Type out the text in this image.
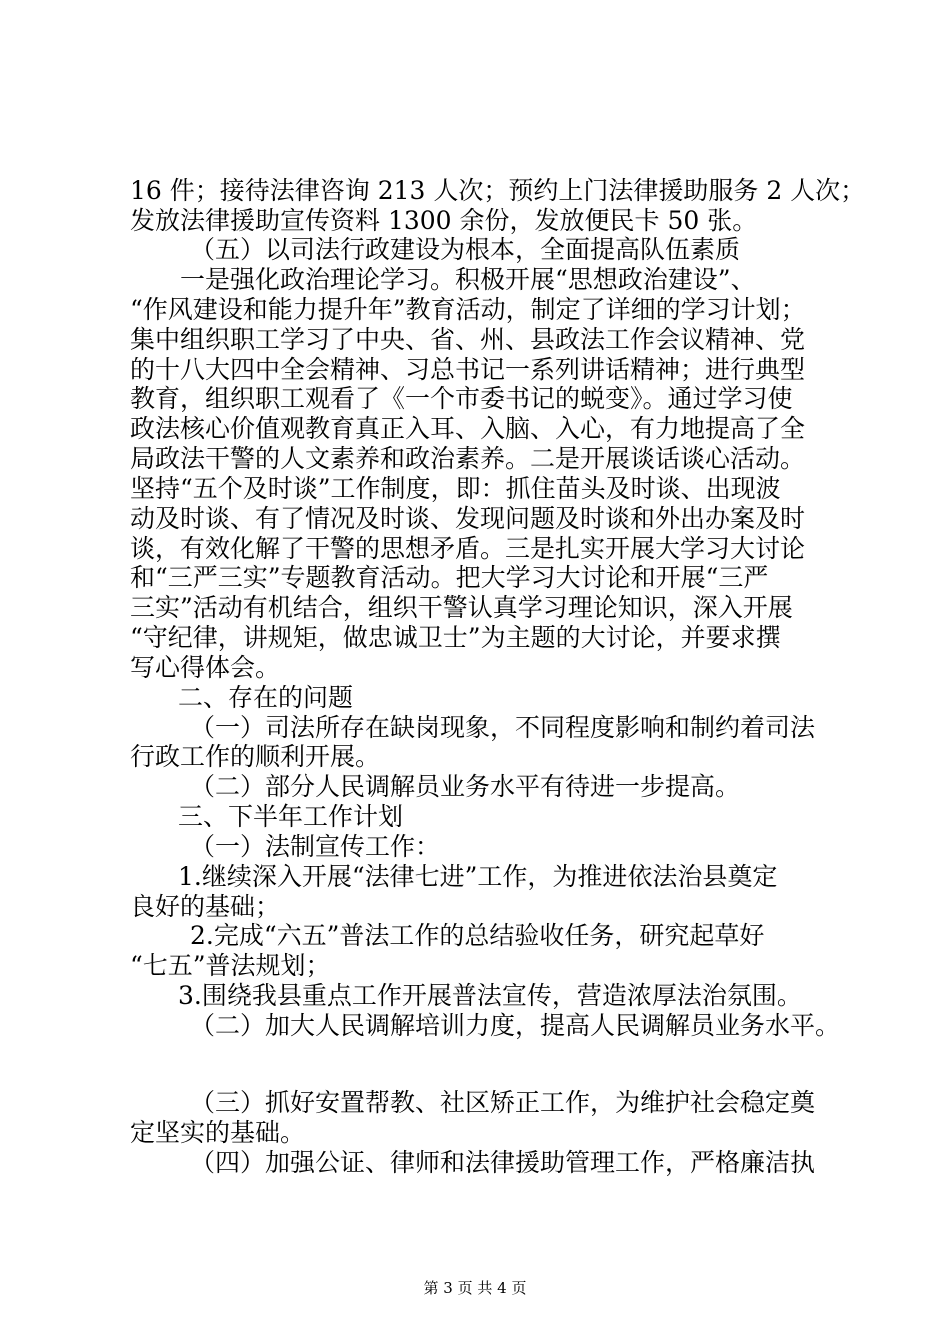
16 件；接待法律咨询 213 人次；预约上门法律援助服务 2 人次；
发放法律援助宣传资料 1300 余份，发放便民卡 50 张。
（五）以司法行政建设为根本，全面提高队伍素质
一是强化政治理论学习。积极开展“思想政治建设”、
“作风建设和能力提升年”教育活动，制定了详细的学习计划；
集中组织职工学习了中央、省、州、县政法工作会议精神、党
的十八大四中全会精神、习总书记一系列讲话精神；进行典型
教育，组织职工观看了《一个市委书记的蜕变》。通过学习使
政法核心价值观教育真正入耳、入脑、入心，有力地提高了全
局政法干警的人文素养和政治素养。二是开展谈话谈心活动。
坚持“五个及时谈”工作制度，即：抓住苗头及时谈、出现波
动及时谈、有了情况及时谈、发现问题及时谈和外出办案及时
谈，有效化解了干警的思想矛盾。三是扎实开展大学习大讨论
和“三严三实”专题教育活动。把大学习大讨论和开展“三严
三实”活动有机结合，组织干警认真学习理论知识，深入开展
“守纪律，讲规矩，做忠诚卫士”为主题的大讨论，并要求撰
写心得体会。
二、存在的问题
（一）司法所存在缺岗现象，不同程度影响和制约着司法
行政工作的顺利开展。
（二）部分人民调解员业务水平有待进一步提高。
三、下半年工作计划
（一）法制宣传工作：
1.继续深入开展“法律七进”工作，为推进依法治县奠定
良好的基础；
2.完成“六五”普法工作的总结验收任务，研究起草好
“七五”普法规划；
3.围绕我县重点工作开展普法宣传，营造浓厚法治氛围。
（二）加大人民调解培训力度，提高人民调解员业务水平。
（三）抓好安置帮教、社区矫正工作，为维护社会稳定奠
定坚实的基础。
（四）加强公证、律师和法律援助管理工作，严格廉洁执
第 3 页 共 4 页
